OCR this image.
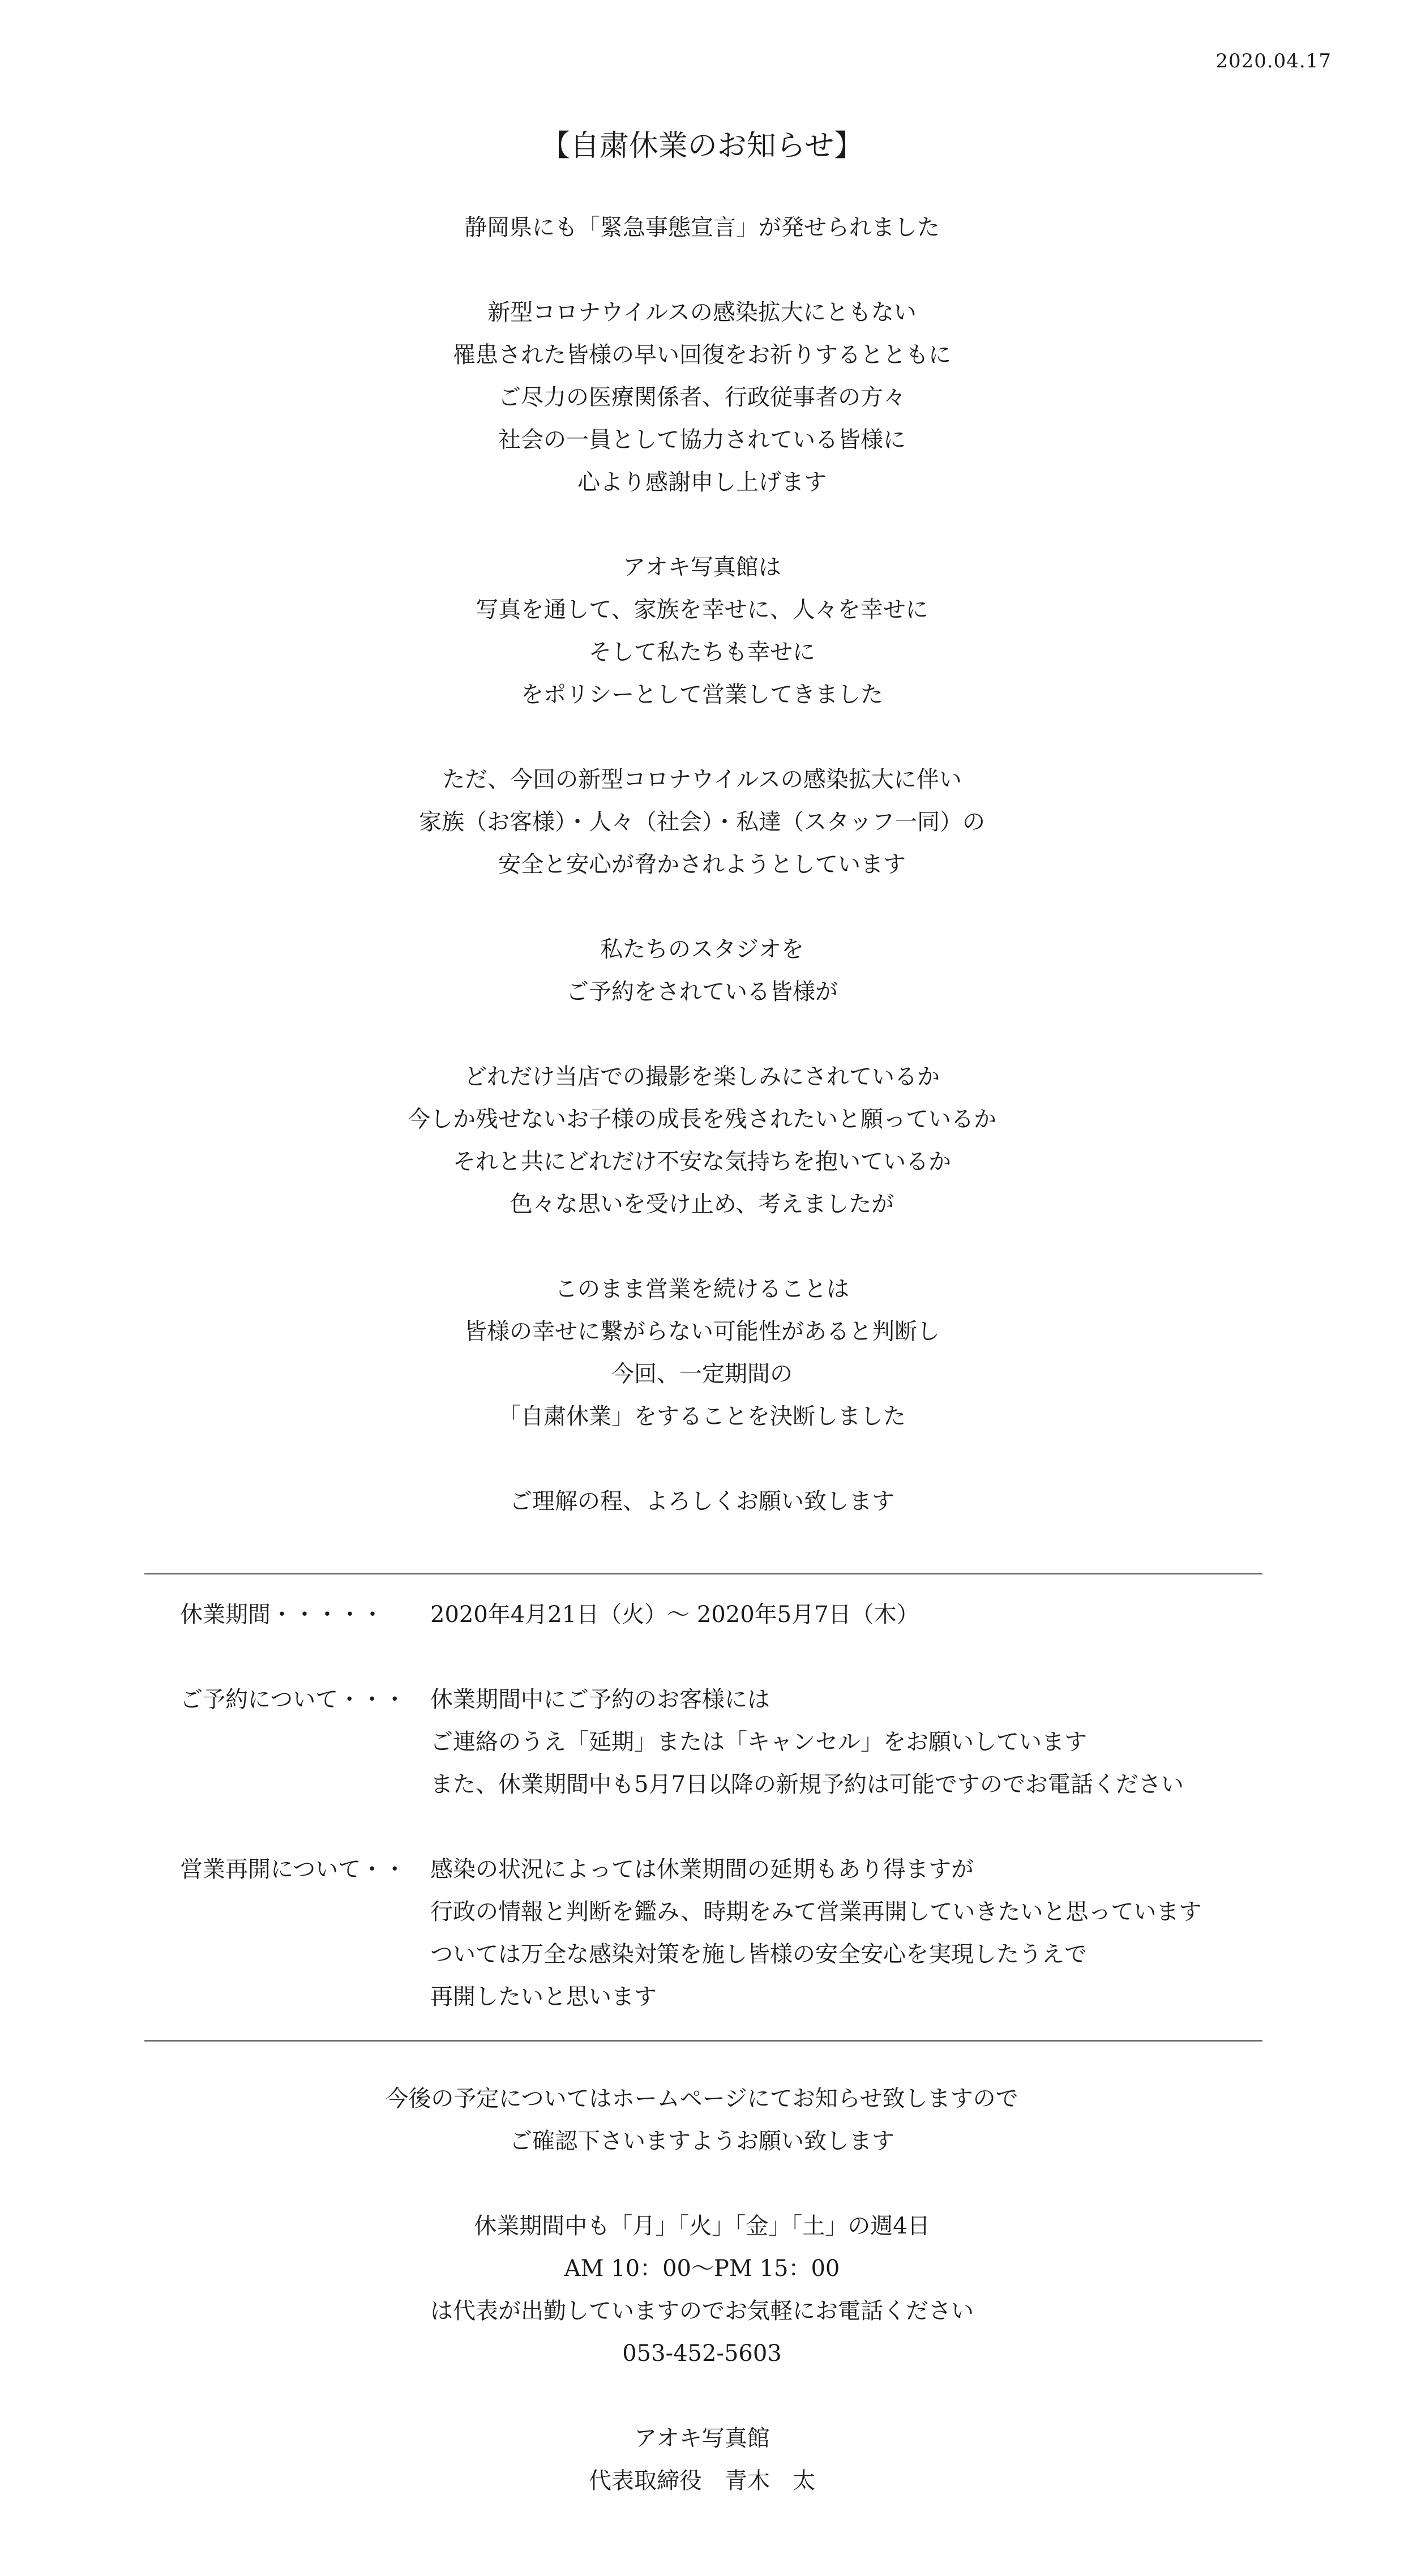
2020.04.17
【自粛休業のお知らせ】
静岡県にも「緊急事態宣言」が発せられました
新型コロナウイルスの感染拡大にともない
罹患された皆様の早い回復をお祈りするとともに
ご尽力の医療関係者、行政従事者の方々
社会の一員として協力されている皆様に
心より感謝申し上げます
アオキ写真館は
写真を通して、家族を幸せに、人々を幸せに
そして私たちも幸せに
をポリシーとして営業してきました
ただ、今回の新型コロナウイルスの感染拡大に伴い
家族（お客様）・人々（社会）・私達（スタッフ一同）の
安全と安心が脅かされようとしています
私たちのスタジオを
ご予約をされている皆様が
どれだけ当店での撮影を楽しみにされているか
今しか残せないお子様の成長を残されたいと願っているか
それと共にどれだけ不安な気持ちを抱いているか
色々な思いを受け止め、考えましたが
このまま営業を続けることは
皆様の幸せに繋がらない可能性があると判断し
今回、一定期間の
「自粛休業」をすることを決断しました
ご理解の程、よろしくお願い致します
休業期間・・・・・	2020年4月21日（火）～ 2020年5月7日（木）
ご予約について・・・	休業期間中にご予約のお客様には
ご連絡のうえ「延期」または「キャンセル」をお願いしています
また、休業期間中も5月7日以降の新規予約は可能ですのでお電話ください
営業再開について・・	感染の状況によっては休業期間の延期もあり得ますが
行政の情報と判断を鑑み、時期をみて営業再開していきたいと思っています
ついては万全な感染対策を施し皆様の安全安心を実現したうえで
再開したいと思います
今後の予定についてはホームページにてお知らせ致しますので
ご確認下さいますようお願い致します
休業期間中も「月」「火」「金」「土」の週4日
AM 10：00～PM 15：00
は代表が出勤していますのでお気軽にお電話ください
053-452-5603
アオキ写真館
代表取締役　青木　太
